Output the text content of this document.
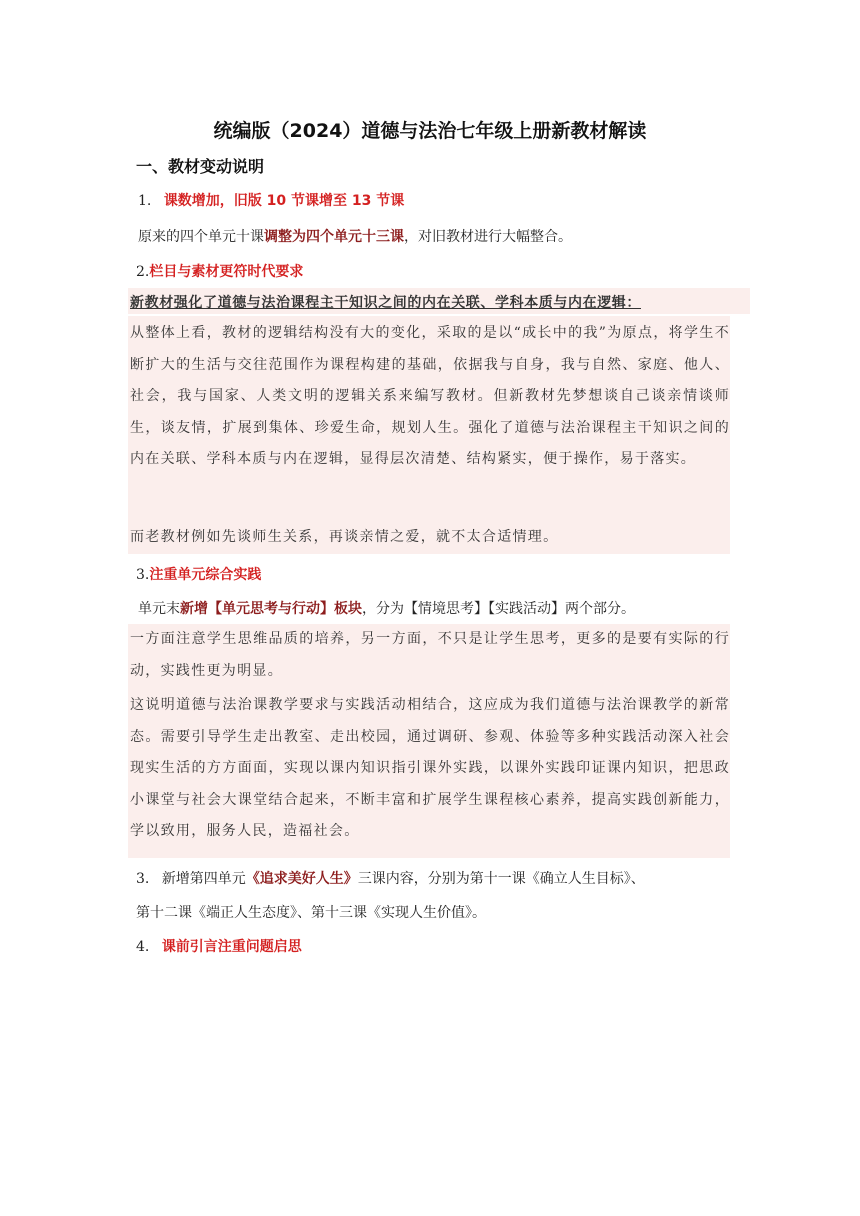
统编版（2024）道德与法治七年级上册新教材解读
一、教材变动说明
1. 课数增加，旧版 10 节课增至 13 节课
原来的四个单元十课调整为四个单元十三课，对旧教材进行大幅整合。
2.栏目与素材更符时代要求
新教材强化了道德与法治课程主干知识之间的内在关联、学科本质与内在逻辑：
从整体上看，教材的逻辑结构没有大的变化，采取的是以“成长中的我”为原点，将学生不断扩大的生活与交往范围作为课程构建的基础，依据我与自身，我与自然、家庭、他人、社会，我与国家、人类文明的逻辑关系来编写教材。但新教材先梦想谈自己谈亲情谈师生，谈友情，扩展到集体、珍爱生命，规划人生。强化了道德与法治课程主干知识之间的内在关联、学科本质与内在逻辑，显得层次清楚、结构紧实，便于操作，易于落实。
而老教材例如先谈师生关系，再谈亲情之爱，就不太合适情理。
3.注重单元综合实践
单元末新增【单元思考与行动】板块，分为【情境思考】【实践活动】两个部分。
一方面注意学生思维品质的培养，另一方面，不只是让学生思考，更多的是要有实际的行动，实践性更为明显。
这说明道德与法治课教学要求与实践活动相结合，这应成为我们道德与法治课教学的新常态。需要引导学生走出教室、走出校园，通过调研、参观、体验等多种实践活动深入社会现实生活的方方面面，实现以课内知识指引课外实践，以课外实践印证课内知识，把思政小课堂与社会大课堂结合起来，不断丰富和扩展学生课程核心素养，提高实践创新能力，学以致用，服务人民，造福社会。
3. 新增第四单元《追求美好人生》三课内容，分别为第十一课《确立人生目标》、
第十二课《端正人生态度》、第十三课《实现人生价值》。
4. 课前引言注重问题启思
